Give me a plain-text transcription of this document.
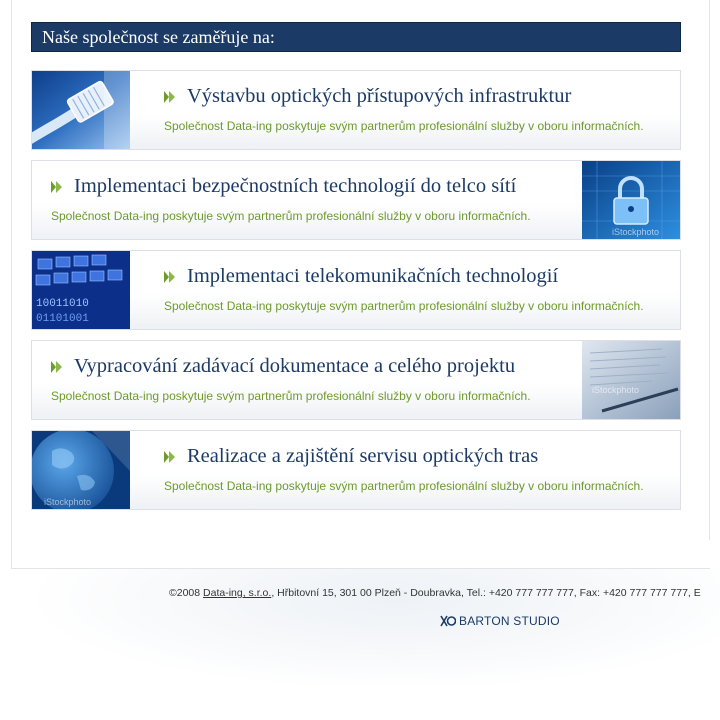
Naše společnost se zaměřuje na:
Výstavbu optických přístupových infrastruktur
Společnost Data-ing poskytuje svým partnerům profesionální služby v oboru informačních.
iStockphoto
Implementaci bezpečnostních technologií do telco sítí
Společnost Data-ing poskytuje svým partnerům profesionální služby v oboru informačních.
10011010
01101001
Implementaci telekomunikačních technologií
Společnost Data-ing poskytuje svým partnerům profesionální služby v oboru informačních.
iStockphoto
Vypracování zadávací dokumentace a celého projektu
Společnost Data-ing poskytuje svým partnerům profesionální služby v oboru informačních.
iStockphoto
Realizace a zajištění servisu optických tras
Společnost Data-ing poskytuje svým partnerům profesionální služby v oboru informačních.
©2008 Data-ing, s.r.o., Hřbitovní 15, 301 00 Plzeň - Doubravka, Tel.: +420 777 777 777, Fax: +420 777 777 777, E
BARTON STUDIO
